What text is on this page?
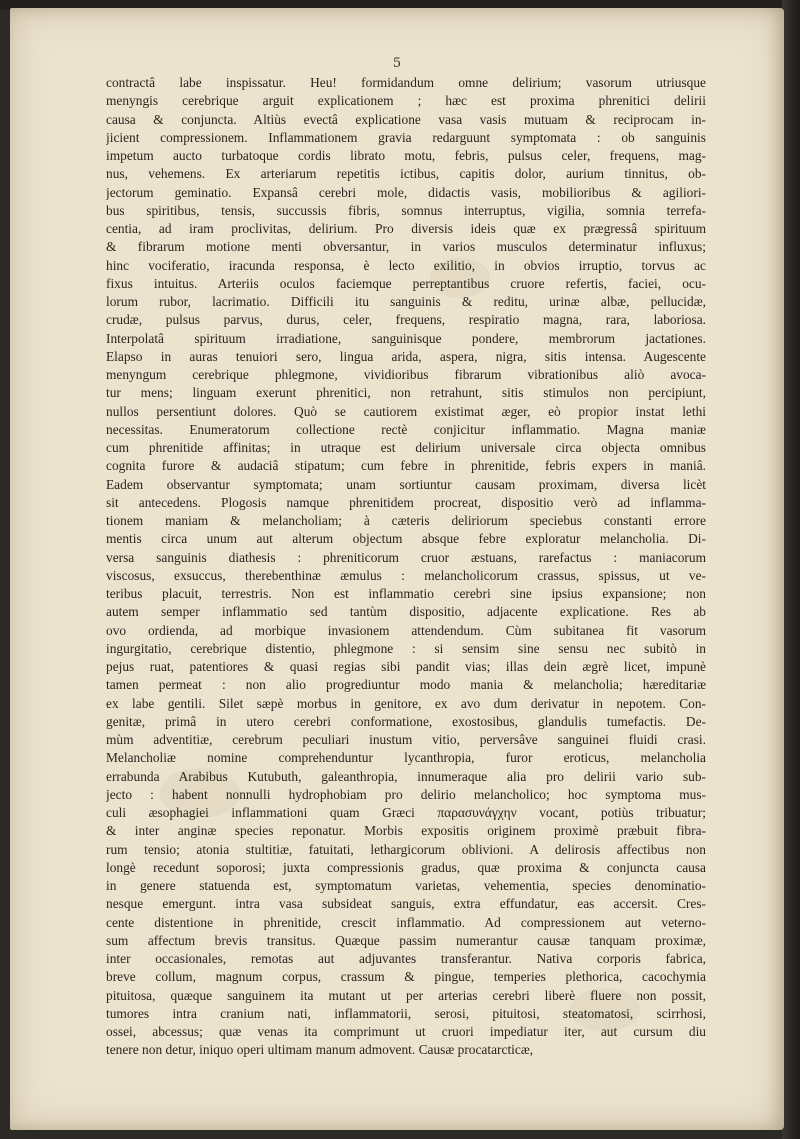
5
contractâ labe inspissatur. Heu! formidandum omne delirium; vasorum utriusque
menyngis cerebrique arguit explicationem ; hæc est proxima phrenitici delirii
causa & conjuncta. Altiùs evectâ explicatione vasa vasis mutuam & reciprocam in-
jicient compressionem. Inflammationem gravia redarguunt symptomata : ob sanguinis
impetum aucto turbatoque cordis librato motu, febris, pulsus celer, frequens, mag-
nus, vehemens. Ex arteriarum repetitis ictibus, capitis dolor, aurium tinnitus, ob-
jectorum geminatio. Expansâ cerebri mole, didactis vasis, mobilioribus & agiliori-
bus spiritibus, tensis, succussis fibris, somnus interruptus, vigilia, somnia terrefa-
centia, ad iram proclivitas, delirium. Pro diversis ideis quæ ex prægressâ spirituum
& fibrarum motione menti obversantur, in varios musculos determinatur influxus;
hinc vociferatio, iracunda responsa, è lecto exilitio, in obvios irruptio, torvus ac
fixus intuitus. Arteriis oculos faciemque perreptantibus cruore refertis, faciei, ocu-
lorum rubor, lacrimatio. Difficili itu sanguinis & reditu, urinæ albæ, pellucidæ,
crudæ, pulsus parvus, durus, celer, frequens, respiratio magna, rara, laboriosa.
Interpolatâ spirituum irradiatione, sanguinisque pondere, membrorum jactationes.
Elapso in auras tenuiori sero, lingua arida, aspera, nigra, sitis intensa. Augescente
menyngum cerebrique phlegmone, vividioribus fibrarum vibrationibus aliò avoca-
tur mens; linguam exerunt phrenitici, non retrahunt, sitis stimulos non percipiunt,
nullos persentiunt dolores. Quò se cautiorem existimat æger, eò propior instat lethi
necessitas. Enumeratorum collectione rectè conjicitur inflammatio. Magna maniæ
cum phrenitide affinitas; in utraque est delirium universale circa objecta omnibus
cognita furore & audaciâ stipatum; cum febre in phrenitide, febris expers in maniâ.
Eadem observantur symptomata; unam sortiuntur causam proximam, diversa licèt
sit antecedens. Plogosis namque phrenitidem procreat, dispositio verò ad inflamma-
tionem maniam & melancholiam; à cæteris deliriorum speciebus constanti errore
mentis circa unum aut alterum objectum absque febre exploratur melancholia. Di-
versa sanguinis diathesis : phreniticorum cruor æstuans, rarefactus : maniacorum
viscosus, exsuccus, therebenthinæ æmulus : melancholicorum crassus, spissus, ut ve-
teribus placuit, terrestris. Non est inflammatio cerebri sine ipsius expansione; non
autem semper inflammatio sed tantùm dispositio, adjacente explicatione. Res ab
ovo ordienda, ad morbique invasionem attendendum. Cùm subitanea fit vasorum
ingurgitatio, cerebrique distentio, phlegmone : si sensim sine sensu nec subitò in
pejus ruat, patentiores & quasi regias sibi pandit vias; illas dein ægrè licet, impunè
tamen permeat : non alio progrediuntur modo mania & melancholia; hæreditariæ
ex labe gentili. Silet sæpè morbus in genitore, ex avo dum derivatur in nepotem. Con-
genitæ, primâ in utero cerebri conformatione, exostosibus, glandulis tumefactis. De-
mùm adventitiæ, cerebrum peculiari inustum vitio, perversâve sanguinei fluidi crasi.
Melancholiæ nomine comprehenduntur lycanthropia, furor eroticus, melancholia
errabunda Arabibus Kutubuth, galeanthropia, innumeraque alia pro delirii vario sub-
jecto : habent nonnulli hydrophobiam pro delirio melancholico; hoc symptoma mus-
culi æsophagiei inflammationi quam Græci παρασυνάγχην vocant, potiùs tribuatur;
& inter anginæ species reponatur. Morbis expositis originem proximè præbuit fibra-
rum tensio; atonia stultitiæ, fatuitati, lethargicorum oblivioni. A delirosis affectibus non
longè recedunt soporosi; juxta compressionis gradus, quæ proxima & conjuncta causa
in genere statuenda est, symptomatum varietas, vehementia, species denominatio-
nesque emergunt. intra vasa subsideat sanguis, extra effundatur, eas accersit. Cres-
cente distentione in phrenitide, crescit inflammatio. Ad compressionem aut veterno-
sum affectum brevis transitus. Quæque passim numerantur causæ tanquam proximæ,
inter occasionales, remotas aut adjuvantes transferantur. Nativa corporis fabrica,
breve collum, magnum corpus, crassum & pingue, temperies plethorica, cacochymia
pituitosa, quæque sanguinem ita mutant ut per arterias cerebri liberè fluere non possit,
tumores intra cranium nati, inflammatorii, serosi, pituitosi, steatomatosi, scirrhosi,
ossei, abcessus; quæ venas ita comprimunt ut cruori impediatur iter, aut cursum diu
tenere non detur, iniquo operi ultimam manum admovent. Causæ procatarcticæ,
